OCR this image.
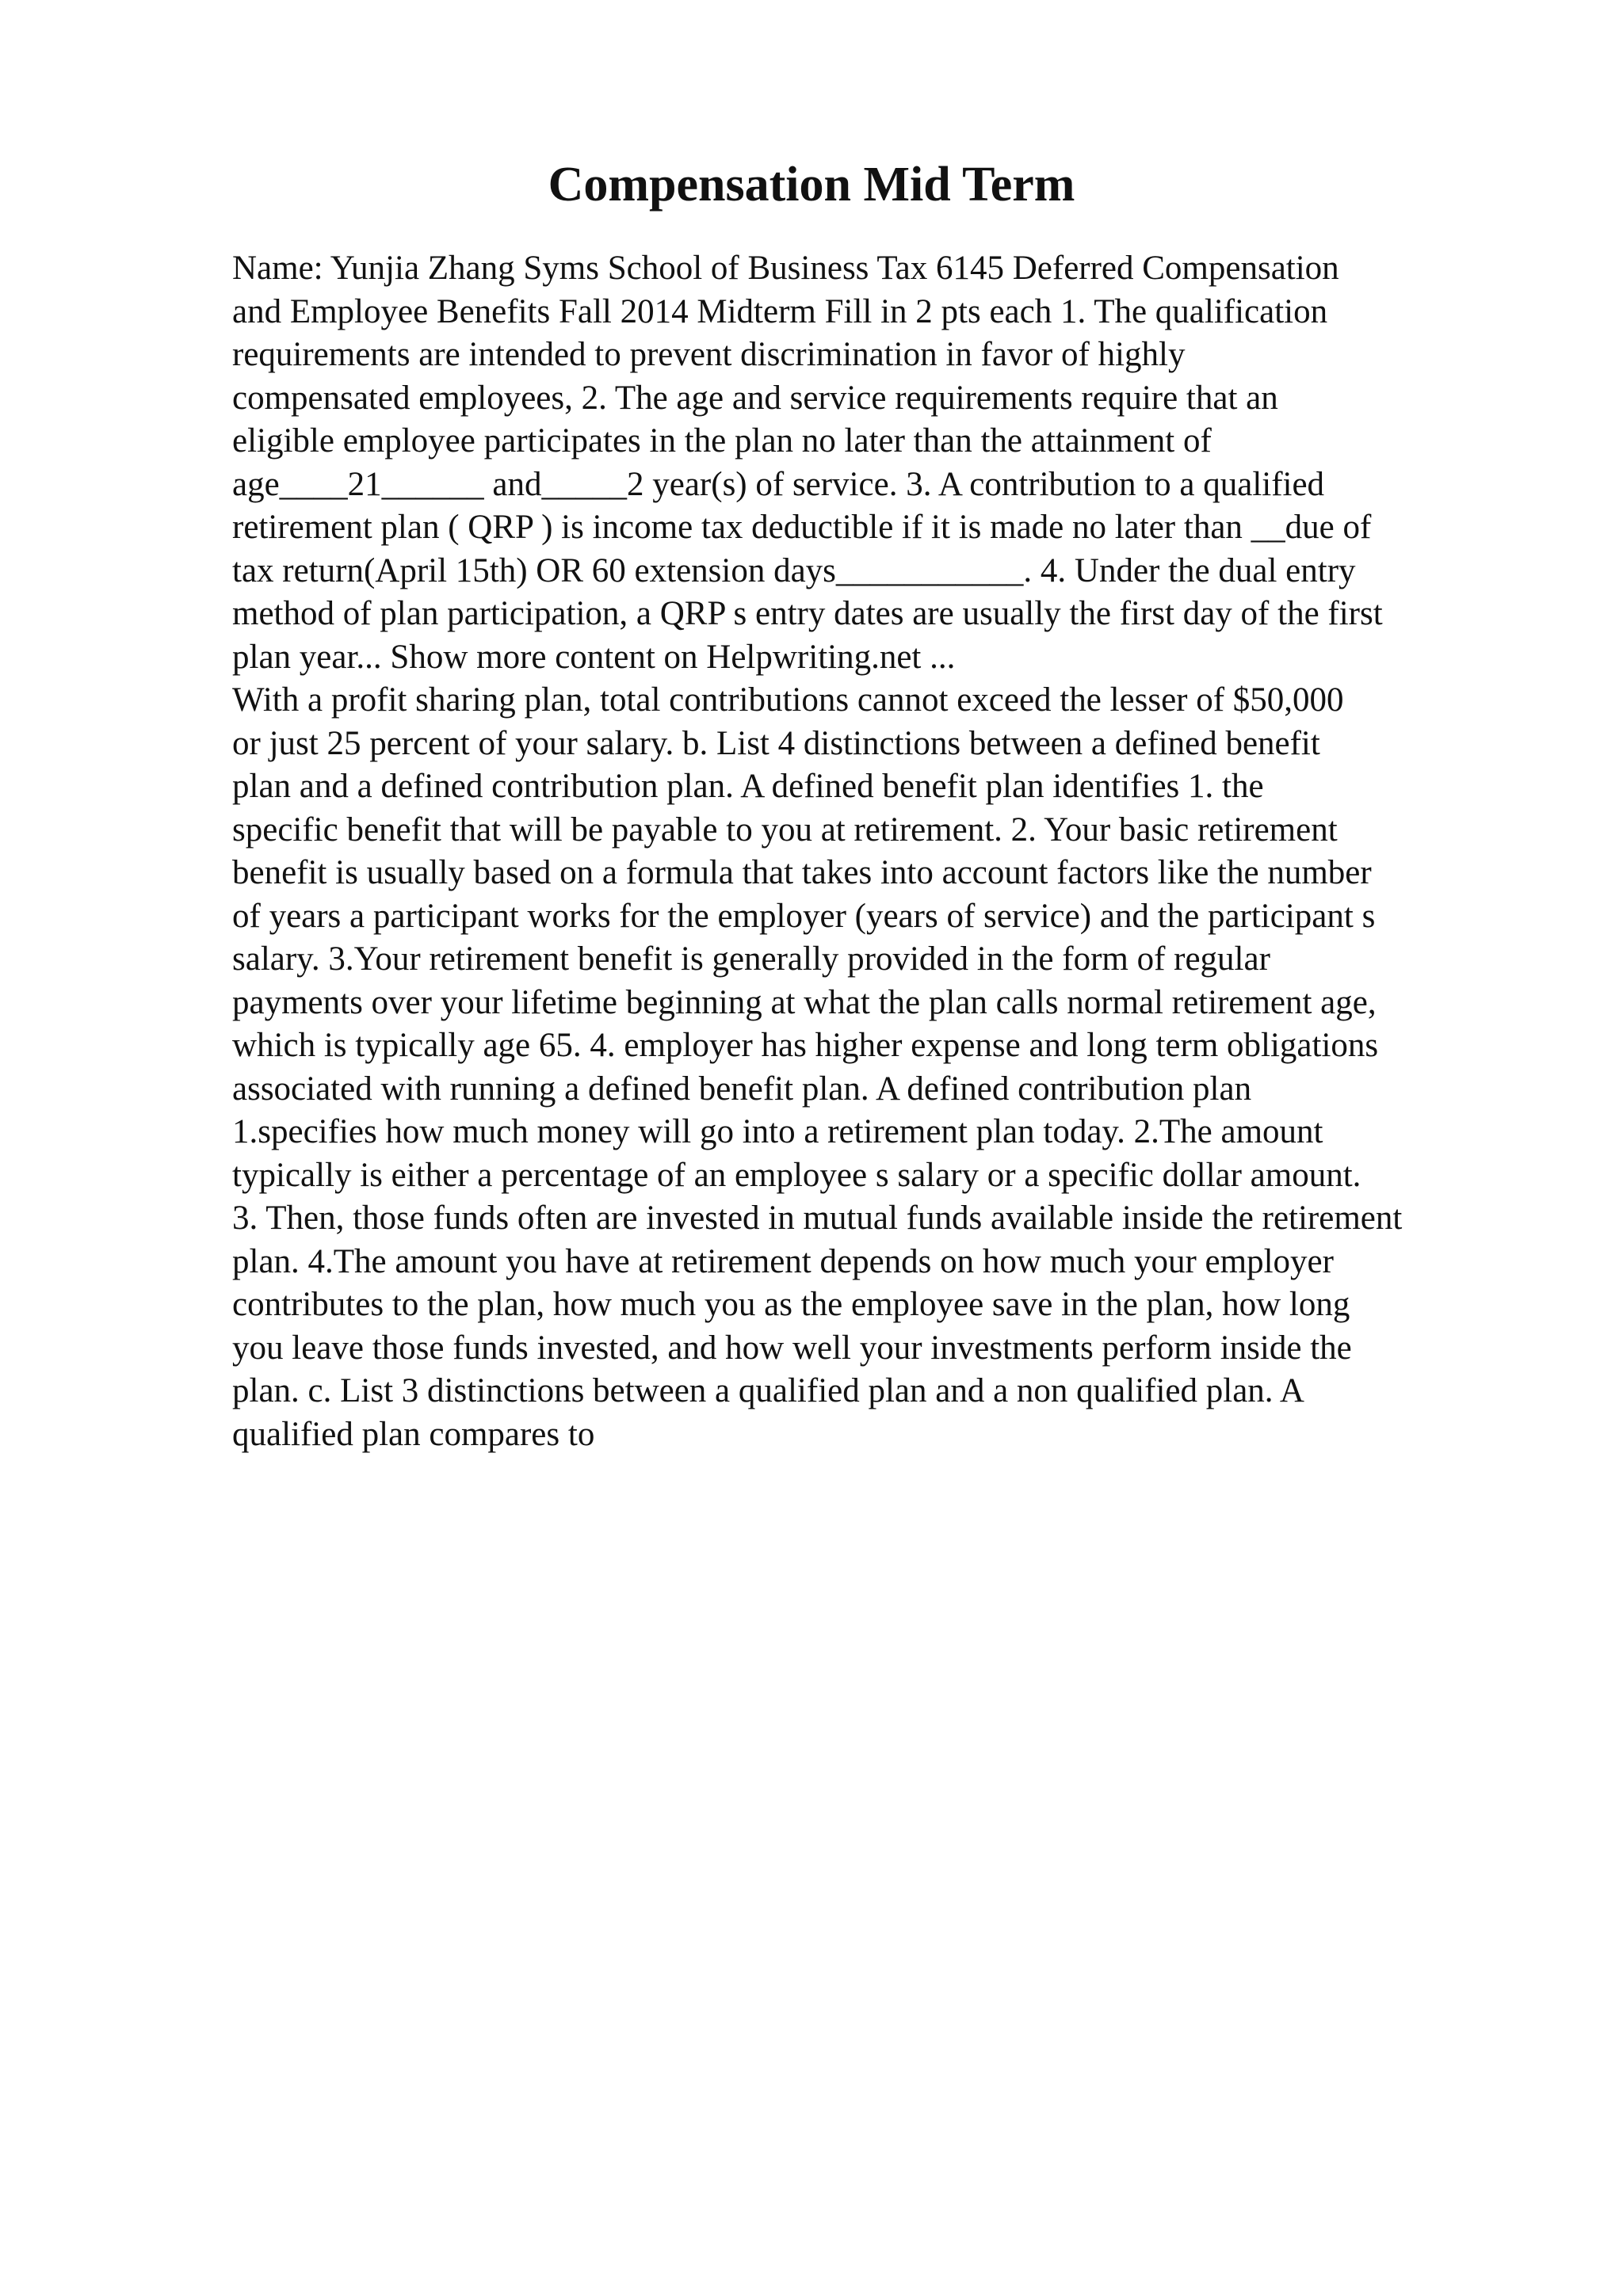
Compensation Mid Term

Name: Yunjia Zhang Syms School of Business Tax 6145 Deferred Compensation
and Employee Benefits Fall 2014 Midterm Fill in 2 pts each 1. The qualification
requirements are intended to prevent discrimination in favor of highly
compensated employees, 2. The age and service requirements require that an
eligible employee participates in the plan no later than the attainment of
age____21______ and_____2 year(s) of service. 3. A contribution to a qualified
retirement plan ( QRP ) is income tax deductible if it is made no later than __due of
tax return(April 15th) OR 60 extension days___________. 4. Under the dual entry
method of plan participation, a QRP s entry dates are usually the first day of the first
plan year... Show more content on Helpwriting.net ...

With a profit sharing plan, total contributions cannot exceed the lesser of $50,000
or just 25 percent of your salary. b. List 4 distinctions between a defined benefit
plan and a defined contribution plan. A defined benefit plan identifies 1. the
specific benefit that will be payable to you at retirement. 2. Your basic retirement
benefit is usually based on a formula that takes into account factors like the number
of years a participant works for the employer (years of service) and the participant s
salary. 3.Your retirement benefit is generally provided in the form of regular
payments over your lifetime beginning at what the plan calls normal retirement age,
which is typically age 65. 4. employer has higher expense and long term obligations
associated with running a defined benefit plan. A defined contribution plan
1.specifies how much money will go into a retirement plan today. 2.The amount
typically is either a percentage of an employee s salary or a specific dollar amount.
3. Then, those funds often are invested in mutual funds available inside the retirement
plan. 4.The amount you have at retirement depends on how much your employer
contributes to the plan, how much you as the employee save in the plan, how long
you leave those funds invested, and how well your investments perform inside the
plan. c. List 3 distinctions between a qualified plan and a non qualified plan. A
qualified plan compares to
